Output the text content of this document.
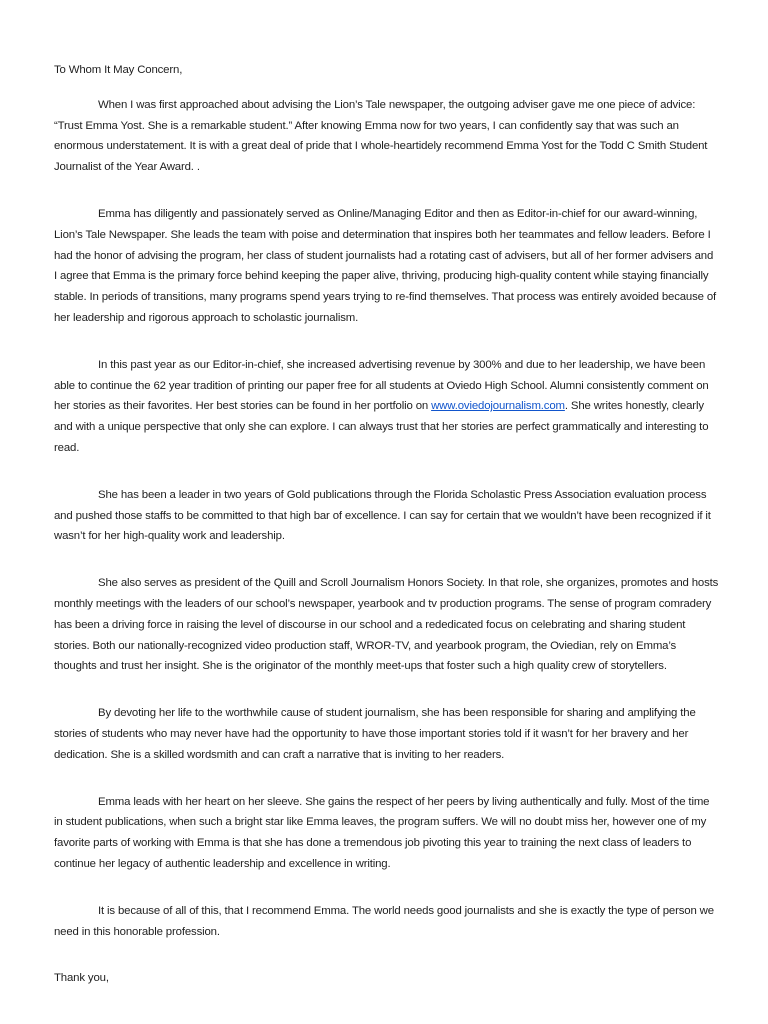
To Whom It May Concern,

When I was first approached about advising the Lion’s Tale newspaper, the outgoing adviser gave me one piece of advice: “Trust Emma Yost. She is a remarkable student.” After knowing Emma now for two years, I can confidently say that was such an enormous understatement. It is with a great deal of pride that I whole-heartidely recommend Emma Yost for the Todd C Smith Student Journalist of the Year Award. .

Emma has diligently and passionately served as Online/Managing Editor and then as Editor-in-chief for our award-winning, Lion’s Tale Newspaper. She leads the team with poise and determination that inspires both her teammates and fellow leaders. Before I had the honor of advising the program, her class of student journalists had a rotating cast of advisers, but all of her former advisers and I agree that Emma is the primary force behind keeping the paper alive, thriving, producing high-quality content while staying financially stable. In periods of transitions, many programs spend years trying to re-find themselves. That process was entirely avoided because of her leadership and rigorous approach to scholastic journalism.

In this past year as our Editor-in-chief, she increased advertising revenue by 300% and due to her leadership, we have been able to continue the 62 year tradition of printing our paper free for all students at Oviedo High School. Alumni consistently comment on her stories as their favorites. Her best stories can be found in her portfolio on www.oviedojournalism.com. She writes honestly, clearly and with a unique perspective that only she can explore. I can always trust that her stories are perfect grammatically and interesting to read.

She has been a leader in two years of Gold publications through the Florida Scholastic Press Association evaluation process and pushed those staffs to be committed to that high bar of excellence. I can say for certain that we wouldn’t have been recognized if it wasn’t for her high-quality work and leadership.

She also serves as president of the Quill and Scroll Journalism Honors Society. In that role, she organizes, promotes and hosts monthly meetings with the leaders of our school’s newspaper, yearbook and tv production programs. The sense of program comradery has been a driving force in raising the level of discourse in our school and a rededicated focus on celebrating and sharing student stories. Both our nationally-recognized video production staff, WROR-TV, and yearbook program, the Oviedian, rely on Emma’s thoughts and trust her insight. She is the originator of the monthly meet-ups that foster such a high quality crew of storytellers.

By devoting her life to the worthwhile cause of student journalism, she has been responsible for sharing and amplifying the stories of students who may never have had the opportunity to have those important stories told if it wasn’t for her bravery and her dedication. She is a skilled wordsmith and can craft a narrative that is inviting to her readers.

Emma leads with her heart on her sleeve. She gains the respect of her peers by living authentically and fully. Most of the time in student publications, when such a bright star like Emma leaves, the program suffers. We will no doubt miss her, however one of my favorite parts of working with Emma is that she has done a tremendous job pivoting this year to training the next class of leaders to continue her legacy of authentic leadership and excellence in writing.

It is because of all of this, that I recommend Emma. The world needs good journalists and she is exactly the type of person we need in this honorable profession.

Thank you,
